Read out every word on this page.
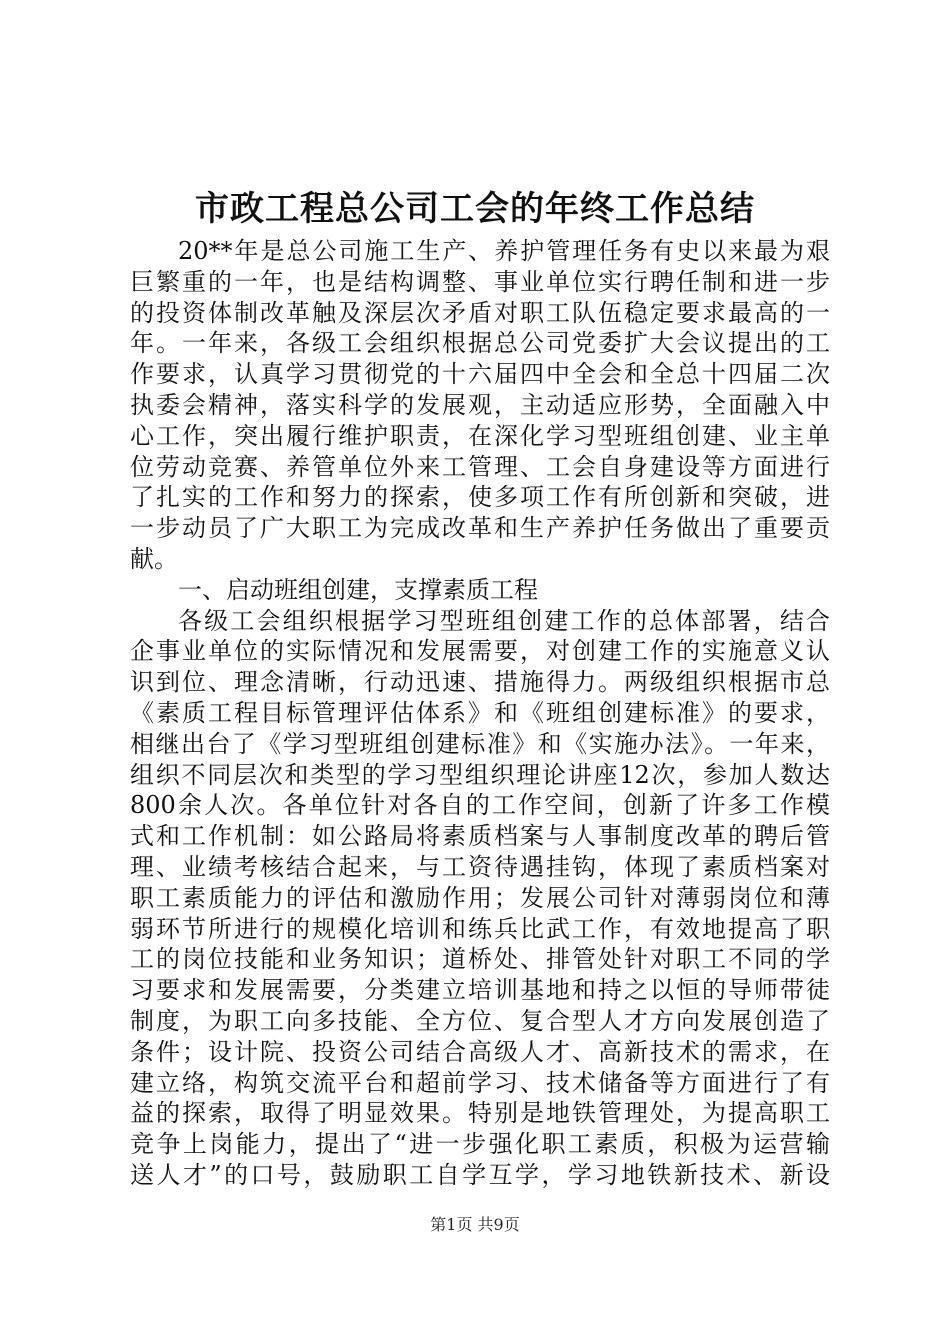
市政工程总公司工会的年终工作总结
20**年是总公司施工生产、养护管理任务有史以来最为艰
巨繁重的一年，也是结构调整、事业单位实行聘任制和进一步
的投资体制改革触及深层次矛盾对职工队伍稳定要求最高的一
年。一年来，各级工会组织根据总公司党委扩大会议提出的工
作要求，认真学习贯彻党的十六届四中全会和全总十四届二次
执委会精神，落实科学的发展观，主动适应形势，全面融入中
心工作，突出履行维护职责，在深化学习型班组创建、业主单
位劳动竞赛、养管单位外来工管理、工会自身建设等方面进行
了扎实的工作和努力的探索，使多项工作有所创新和突破，进
一步动员了广大职工为完成改革和生产养护任务做出了重要贡
献。
一、启动班组创建，支撑素质工程
各级工会组织根据学习型班组创建工作的总体部署，结合
企事业单位的实际情况和发展需要，对创建工作的实施意义认
识到位、理念清晰，行动迅速、措施得力。两级组织根据市总
《素质工程目标管理评估体系》和《班组创建标准》的要求，
相继出台了《学习型班组创建标准》和《实施办法》。一年来，
组织不同层次和类型的学习型组织理论讲座12次，参加人数达
800余人次。各单位针对各自的工作空间，创新了许多工作模
式和工作机制：如公路局将素质档案与人事制度改革的聘后管
理、业绩考核结合起来，与工资待遇挂钩，体现了素质档案对
职工素质能力的评估和激励作用；发展公司针对薄弱岗位和薄
弱环节所进行的规模化培训和练兵比武工作，有效地提高了职
工的岗位技能和业务知识；道桥处、排管处针对职工不同的学
习要求和发展需要，分类建立培训基地和持之以恒的导师带徒
制度，为职工向多技能、全方位、复合型人才方向发展创造了
条件；设计院、投资公司结合高级人才、高新技术的需求，在
建立络，构筑交流平台和超前学习、技术储备等方面进行了有
益的探索，取得了明显效果。特别是地铁管理处，为提高职工
竞争上岗能力，提出了“进一步强化职工素质，积极为运营输
送人才”的口号，鼓励职工自学互学，学习地铁新技术、新设
第1页 共9页
